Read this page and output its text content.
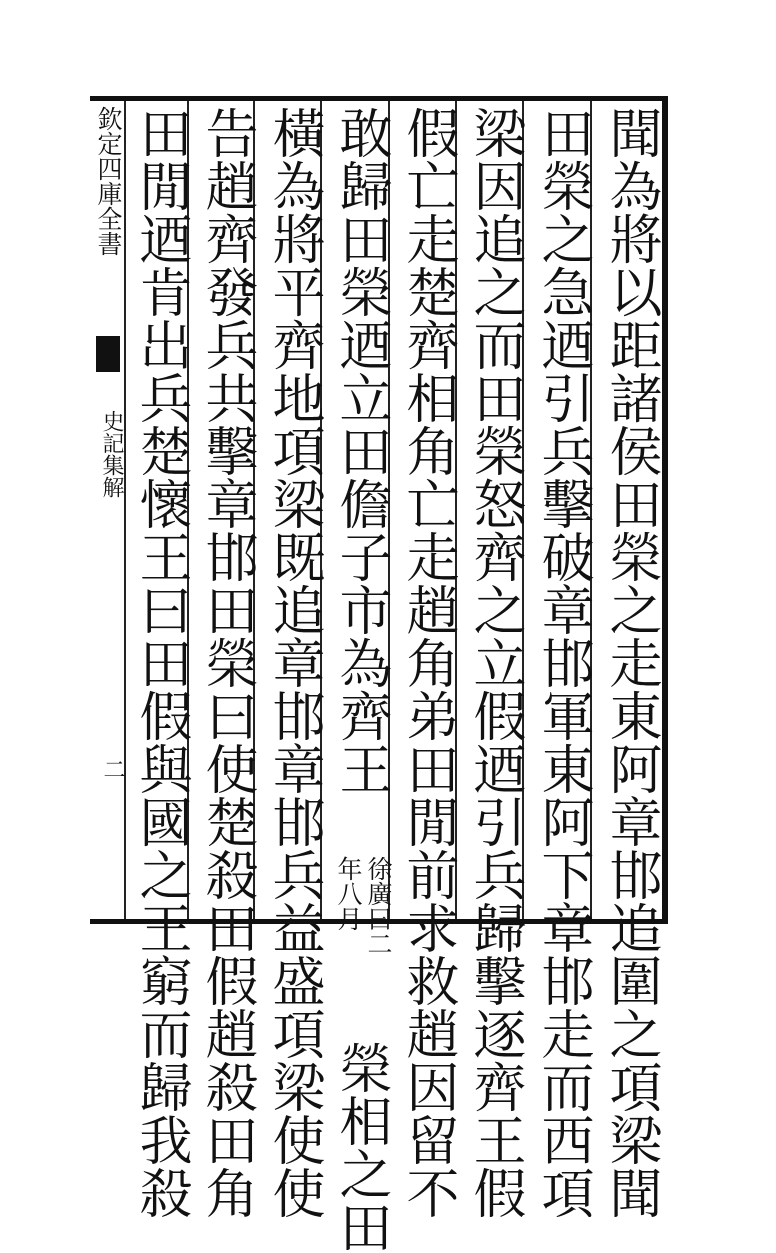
欽定四庫全書
史記集解
二	聞為將以距諸侯田榮之走東阿章邯追圍之項梁聞
田榮之急迺引兵擊破章邯軍東阿下章邯走而西項
梁因追之而田榮怒齊之立假迺引兵歸擊逐齊王假
假亡走楚齊相角亡走趙角弟田閒前求救趙因留不
敢歸田榮迺立田儋子市為齊王
徐廣曰二
年八月
榮相之田
橫為將平齊地項梁既追章邯章邯兵益盛項梁使使
告趙齊發兵共擊章邯田榮曰使楚殺田假趙殺田角
田閒迺肯出兵楚懷王曰田假與國之王窮而歸我殺
